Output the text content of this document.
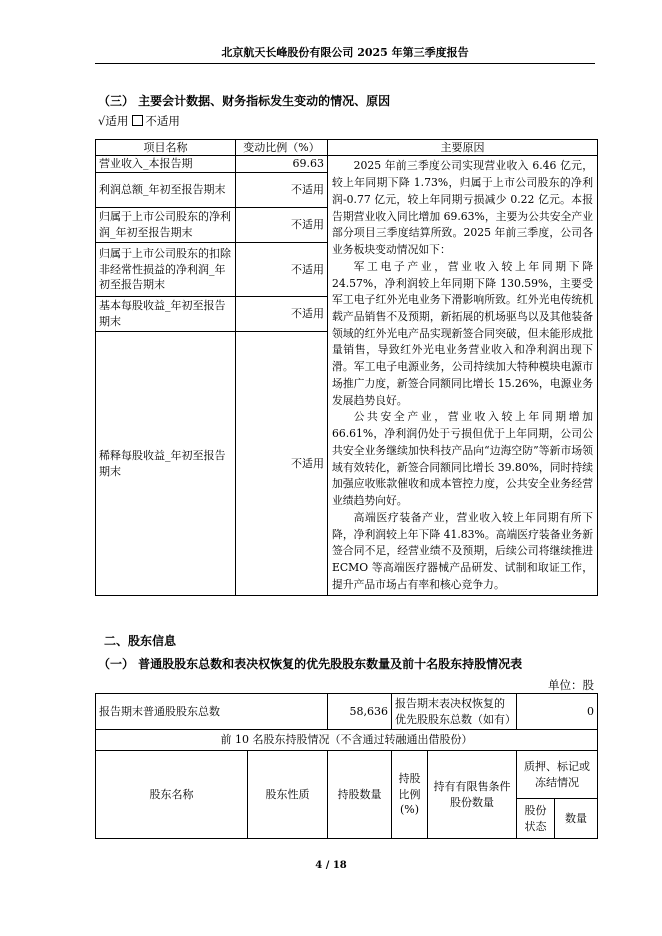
北京航天长峰股份有限公司 2025 年第三季度报告
（三） 主要会计数据、财务指标发生变动的情况、原因
√适用 不适用
项目名称	变动比例（%）	主要原因
营业收入_本报告期	69.63	2025 年前三季度公司实现营业收入 6.46 亿元，较上年同期下降 1.73%，归属于上市公司股东的净利润-0.77 亿元，较上年同期亏损减少 0.22 亿元。本报告期营业收入同比增加 69.63%，主要为公共安全产业部分项目三季度结算所致。2025 年前三季度，公司各业务板块变动情况如下：

军工电子产业，营业收入较上年同期下降 24.57%，净利润较上年同期下降 130.59%，主要受军工电子红外光电业务下滑影响所致。红外光电传统机载产品销售不及预期，新拓展的机场驱鸟以及其他装备领域的红外光电产品实现新签合同突破，但未能形成批量销售，导致红外光电业务营业收入和净利润出现下滑。军工电子电源业务，公司持续加大特种模块电源市场推广力度，新签合同额同比增长 15.26%，电源业务发展趋势良好。

公共安全产业，营业收入较上年同期增加 66.61%，净利润仍处于亏损但优于上年同期，公司公共安全业务继续加快科技产品向“边海空防”等新市场领域有效转化，新签合同额同比增长 39.80%，同时持续加强应收账款催收和成本管控力度，公共安全业务经营业绩趋势向好。

高端医疗装备产业，营业收入较上年同期有所下降，净利润较上年下降 41.83%。高端医疗装备业务新签合同不足，经营业绩不及预期，后续公司将继续推进 ECMO 等高端医疗器械产品研发、试制和取证工作，提升产品市场占有率和核心竞争力。

利润总额_年初至报告期末	不适用	
归属于上市公司股东的净利润_年初至报告期末	不适用	
归属于上市公司股东的扣除非经常性损益的净利润_年初至报告期末	不适用	
基本每股收益_年初至报告期末	不适用	
稀释每股收益_年初至报告期末	不适用	
二、股东信息
（一） 普通股股东总数和表决权恢复的优先股股东数量及前十名股东持股情况表
单位：股
报告期末普通股股东总数		58,636	报告期末表决权恢复的优先股股东总数（如有）		0	
前 10 名股东持股情况（不含通过转融通出借股份）						
股东名称	股东性质	持股数量	持股比例(%)	持有有限售条件股份数量	质押、标记或冻结情况	
					股份状态	数量
4 / 18
